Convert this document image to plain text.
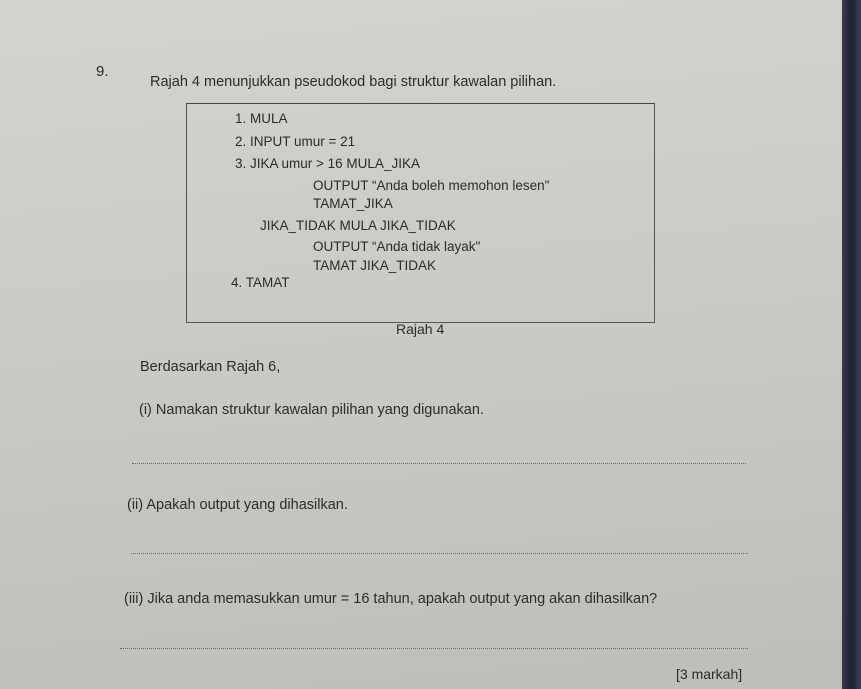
9.
Rajah 4 menunjukkan pseudokod bagi struktur kawalan pilihan.
1. MULA
2. INPUT umur = 21
3. JIKA umur > 16 MULA_JIKA
OUTPUT “Anda boleh memohon lesen"
TAMAT_JIKA
JIKA_TIDAK MULA JIKA_TIDAK
OUTPUT “Anda tidak layak"
TAMAT JIKA_TIDAK
4. TAMAT
Rajah 4
Berdasarkan Rajah 6,
(i) Namakan struktur kawalan pilihan yang digunakan.
(ii) Apakah output yang dihasilkan.
(iii) Jika anda memasukkan umur = 16 tahun, apakah output yang akan dihasilkan?
[3 markah]
